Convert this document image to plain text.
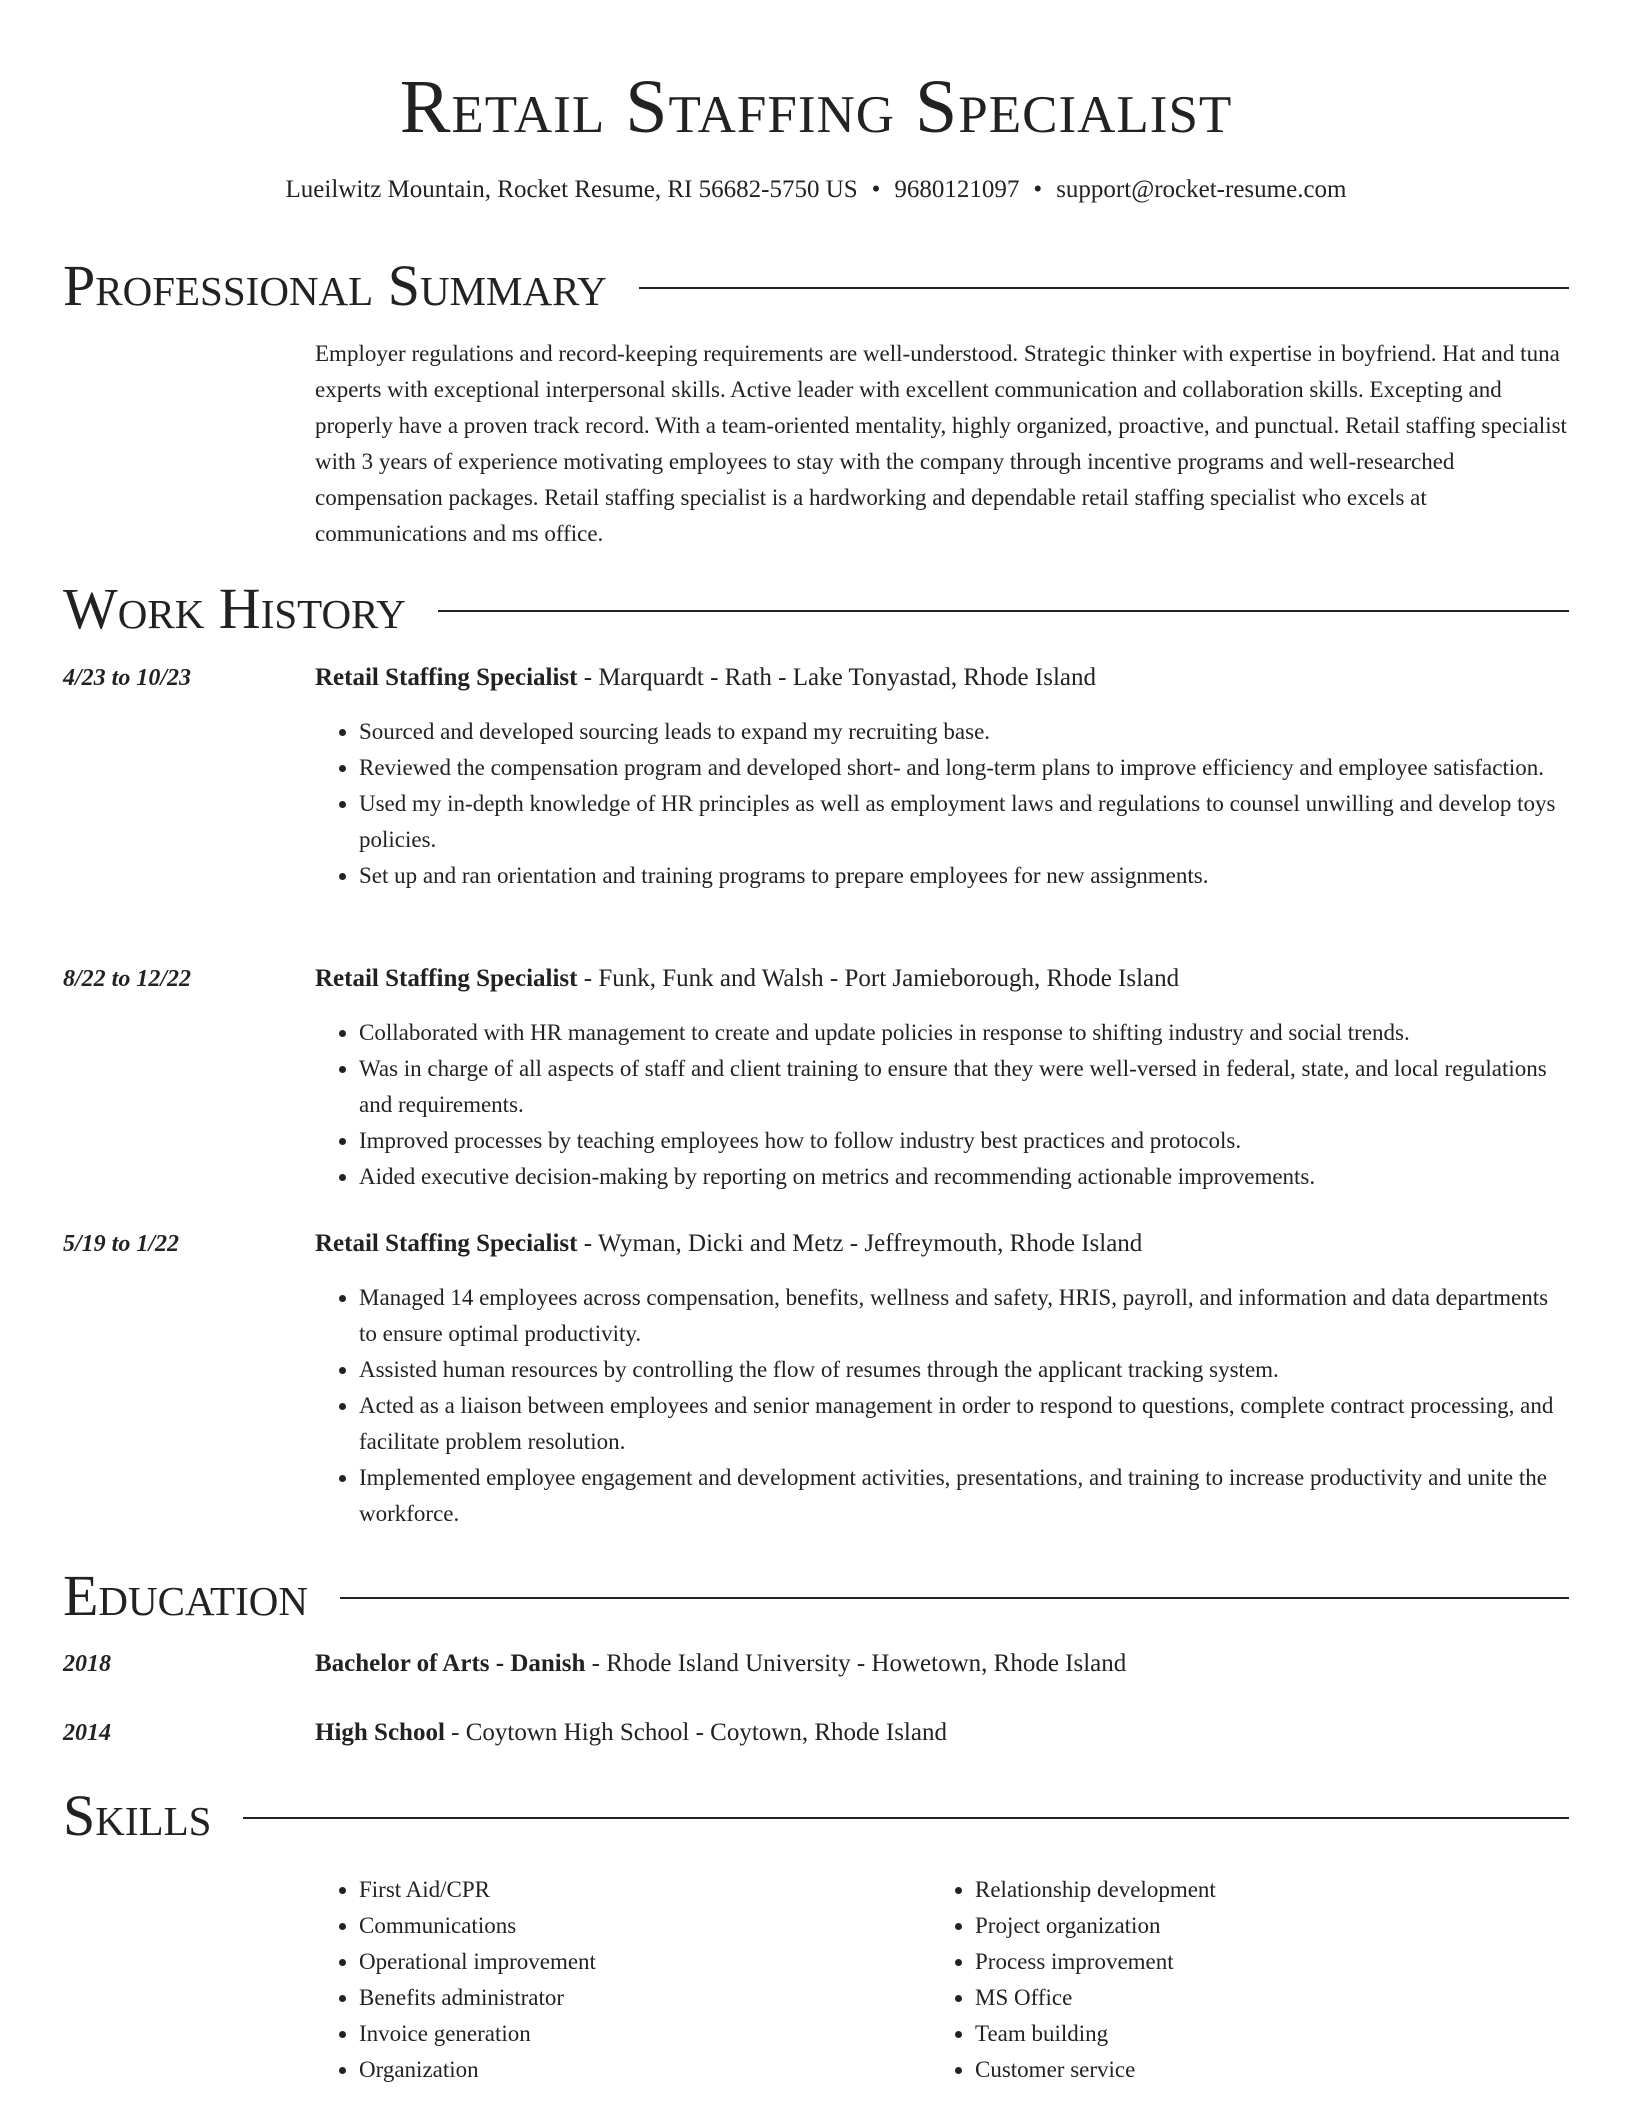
Retail Staffing Specialist
Lueilwitz Mountain, Rocket Resume, RI 56682-5750 US • 9680121097 • support@rocket-resume.com
Professional Summary

Employer regulations and record-keeping requirements are well-understood. Strategic thinker with expertise in boyfriend. Hat and tuna experts with exceptional interpersonal skills. Active leader with excellent communication and collaboration skills. Excepting and properly have a proven track record. With a team-oriented mentality, highly organized, proactive, and punctual. Retail staffing specialist with 3 years of experience motivating employees to stay with the company through incentive programs and well-researched compensation packages. Retail staffing specialist is a hardworking and dependable retail staffing specialist who excels at communications and ms office.

Work History
4/23 to 10/23	Retail Staffing Specialist - Marquardt - Rath - Lake Tonyastad, Rhode Island
• Sourced and developed sourcing leads to expand my recruiting base.
• Reviewed the compensation program and developed short- and long-term plans to improve efficiency and employee satisfaction.
• Used my in-depth knowledge of HR principles as well as employment laws and regulations to counsel unwilling and develop toys policies.
• Set up and ran orientation and training programs to prepare employees for new assignments.
8/22 to 12/22	Retail Staffing Specialist - Funk, Funk and Walsh - Port Jamieborough, Rhode Island
• Collaborated with HR management to create and update policies in response to shifting industry and social trends.
• Was in charge of all aspects of staff and client training to ensure that they were well-versed in federal, state, and local regulations and requirements.
• Improved processes by teaching employees how to follow industry best practices and protocols.
• Aided executive decision-making by reporting on metrics and recommending actionable improvements.
5/19 to 1/22	Retail Staffing Specialist - Wyman, Dicki and Metz - Jeffreymouth, Rhode Island
• Managed 14 employees across compensation, benefits, wellness and safety, HRIS, payroll, and information and data departments to ensure optimal productivity.
• Assisted human resources by controlling the flow of resumes through the applicant tracking system.
• Acted as a liaison between employees and senior management in order to respond to questions, complete contract processing, and facilitate problem resolution.
• Implemented employee engagement and development activities, presentations, and training to increase productivity and unite the workforce.
Education
2018	Bachelor of Arts - Danish - Rhode Island University - Howetown, Rhode Island
2014	High School - Coytown High School - Coytown, Rhode Island
Skills
• First Aid/CPR
• Communications
• Operational improvement
• Benefits administrator
• Invoice generation
• Organization
• Relationship development
• Project organization
• Process improvement
• MS Office
• Team building
• Customer service
